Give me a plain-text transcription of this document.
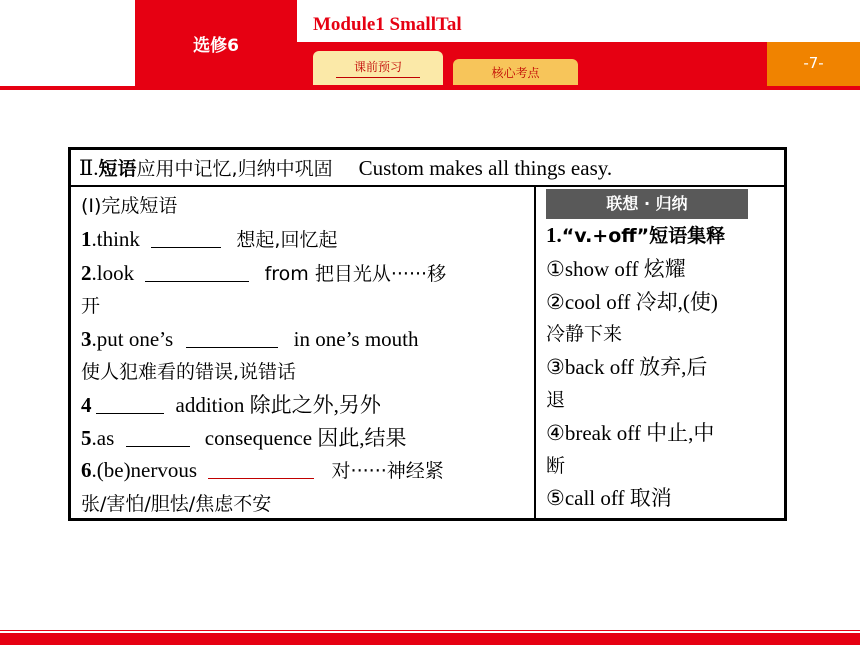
选修6
Module1 SmallTal
-7-
课前预习	核心考点
Ⅱ.短语应用中记忆,归纳中巩固 Custom makes all things easy.
(Ⅰ)完成短语
1.think	想起,回忆起
2.look	from 把目光从······移
开
3.put one’s	in one’s mouth
使人犯难看的错误,说错话
4	addition 除此之外,另外
5.as	consequence 因此,结果
6.(be)nervous	对······神经紧
张/害怕/胆怯/焦虑不安
联想 · 归纳
1.“v.+off”短语集释
①show off 炫耀
②cool off 冷却,(使)
冷静下来
③back off 放弃,后
退
④break off 中止,中
断
⑤call off 取消
